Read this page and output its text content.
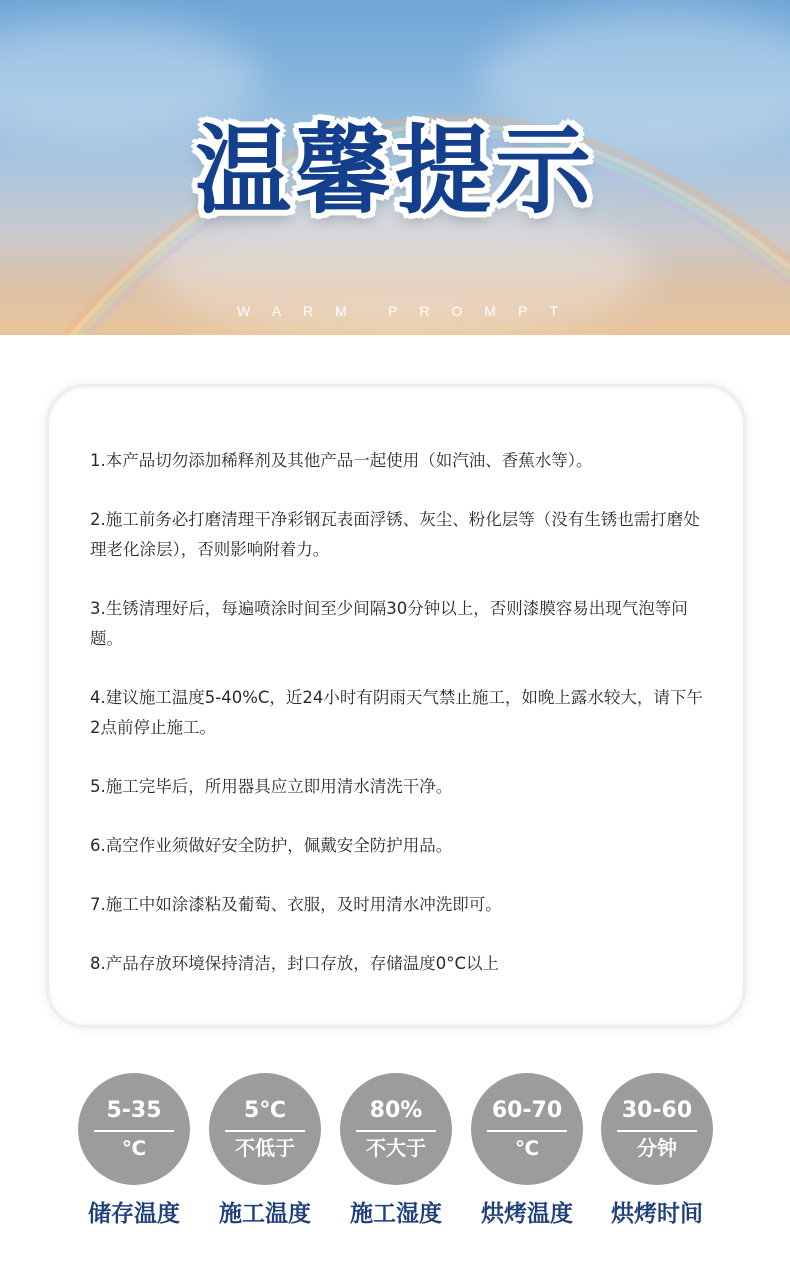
温馨提示
WARM PROMPT

1.本产品切勿添加稀释剂及其他产品一起使用（如汽油、香蕉水等）。

2.施工前务必打磨清理干净彩钢瓦表面浮锈、灰尘、粉化层等（没有生锈也需打磨处理老化涂层），否则影响附着力。

3.生锈清理好后，每遍喷涂时间至少间隔30分钟以上，否则漆膜容易出现气泡等问题。

4.建议施工温度5-40%C，近24小时有阴雨天气禁止施工，如晚上露水较大，请下午2点前停止施工。

5.施工完毕后，所用器具应立即用清水清洗干净。

6.高空作业须做好安全防护，佩戴安全防护用品。

7.施工中如涂漆粘及葡萄、衣服，及时用清水冲洗即可。

8.产品存放环境保持清洁，封口存放，存储温度0°C以上

5-35
℃
储存温度
5℃
不低于
施工温度
80%
不大于
施工湿度
60-70
℃
烘烤温度
30-60
分钟
烘烤时间
